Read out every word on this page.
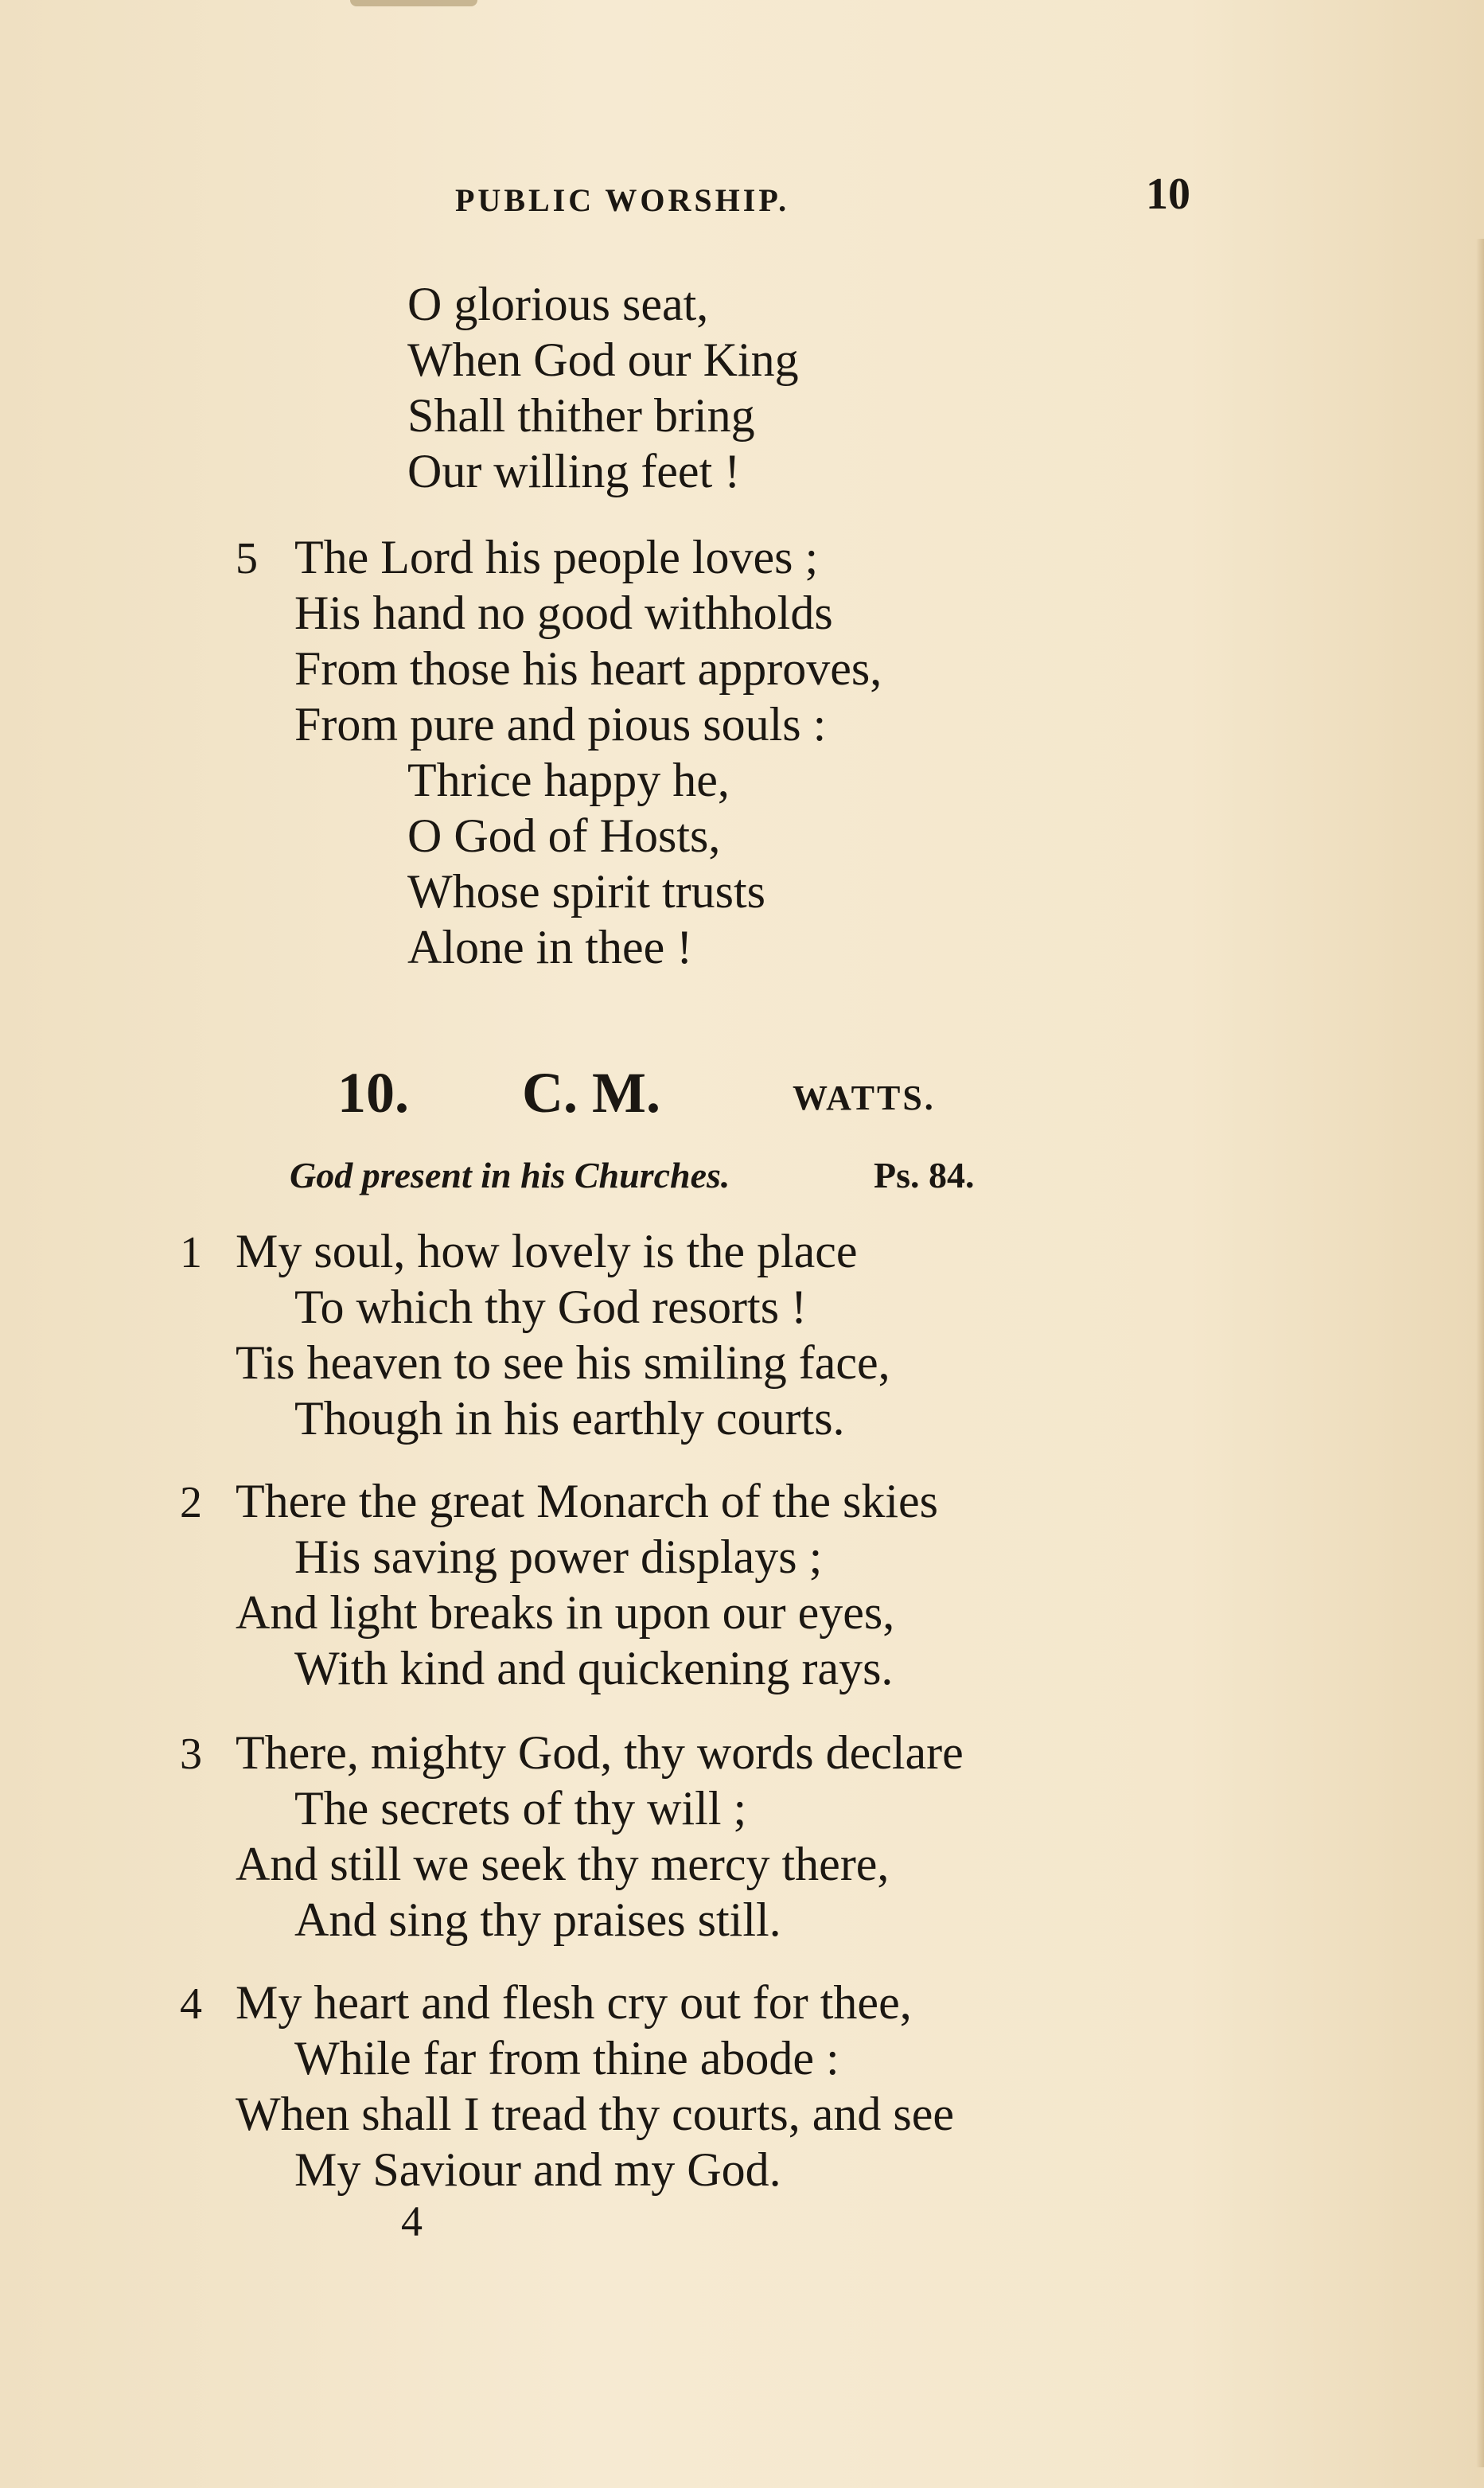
PUBLIC WORSHIP.	10
O glorious seat,
When God our King
Shall thither bring
Our willing feet !
5 The Lord his people loves ;
His hand no good withholds
From those his heart approves,
From pure and pious souls :
Thrice happy he,
O God of Hosts,
Whose spirit trusts
Alone in thee !
10. C. M.	WATTS.
God present in his Churches.	Ps. 84.
1 My soul, how lovely is the place
To which thy God resorts !
Tis heaven to see his smiling face,
Though in his earthly courts.
2 There the great Monarch of the skies
His saving power displays ;
And light breaks in upon our eyes,
With kind and quickening rays.
3 There, mighty God, thy words declare
The secrets of thy will ;
And still we seek thy mercy there,
And sing thy praises still.
4 My heart and flesh cry out for thee,
While far from thine abode :
When shall I tread thy courts, and see
My Saviour and my God.
4
